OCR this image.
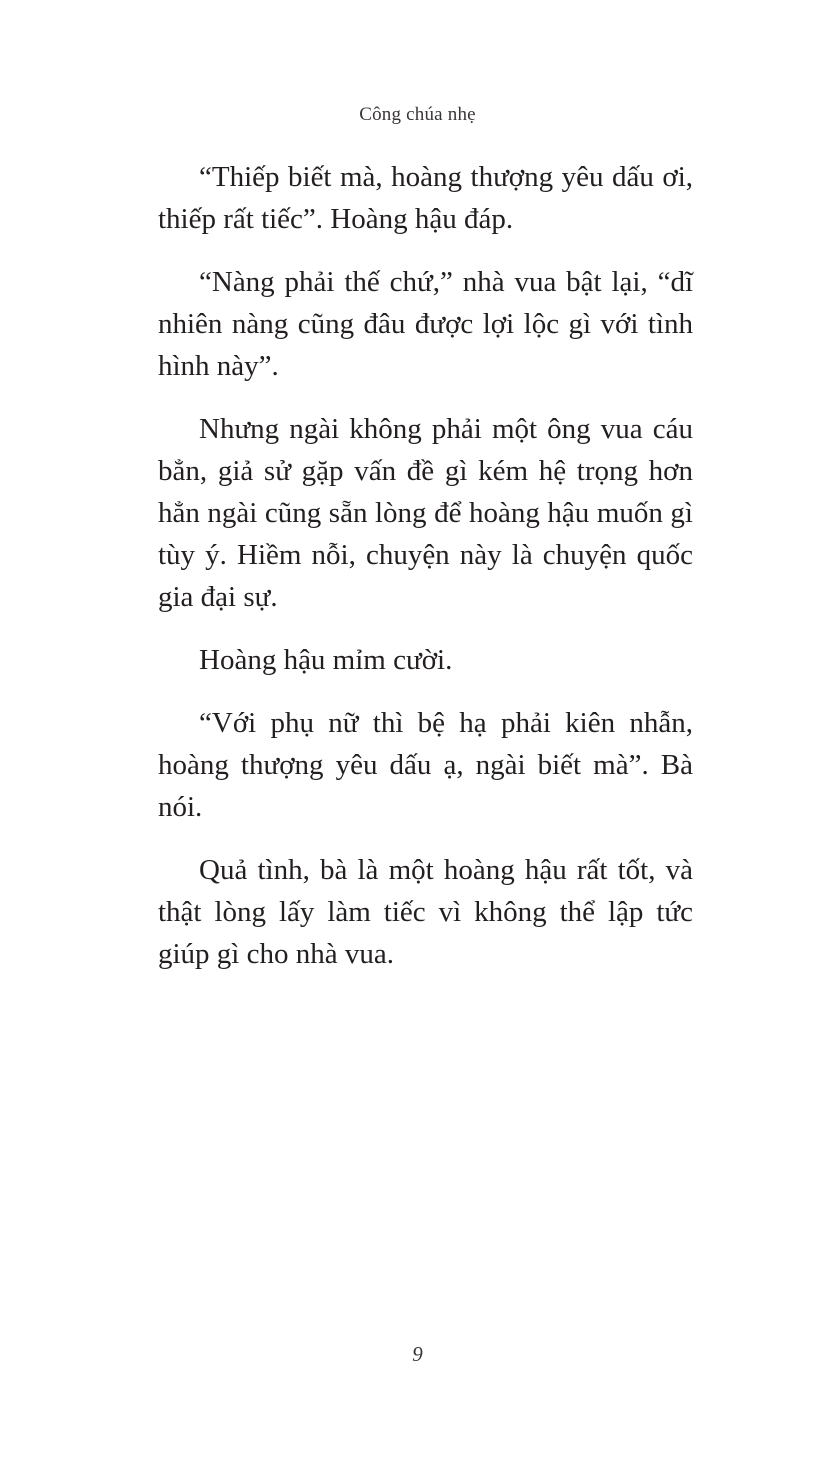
Công chúa nhẹ

“Thiếp biết mà, hoàng thượng yêu dấu ơi, thiếp rất tiếc”. Hoàng hậu đáp.

“Nàng phải thế chứ,” nhà vua bật lại, “dĩ nhiên nàng cũng đâu được lợi lộc gì với tình hình này”.

Nhưng ngài không phải một ông vua cáu bẳn, giả sử gặp vấn đề gì kém hệ trọng hơn hẳn ngài cũng sẵn lòng để hoàng hậu muốn gì tùy ý. Hiềm nỗi, chuyện này là chuyện quốc gia đại sự.

Hoàng hậu mỉm cười.

“Với phụ nữ thì bệ hạ phải kiên nhẫn, hoàng thượng yêu dấu ạ, ngài biết mà”. Bà nói.

Quả tình, bà là một hoàng hậu rất tốt, và thật lòng lấy làm tiếc vì không thể lập tức giúp gì cho nhà vua.

9
